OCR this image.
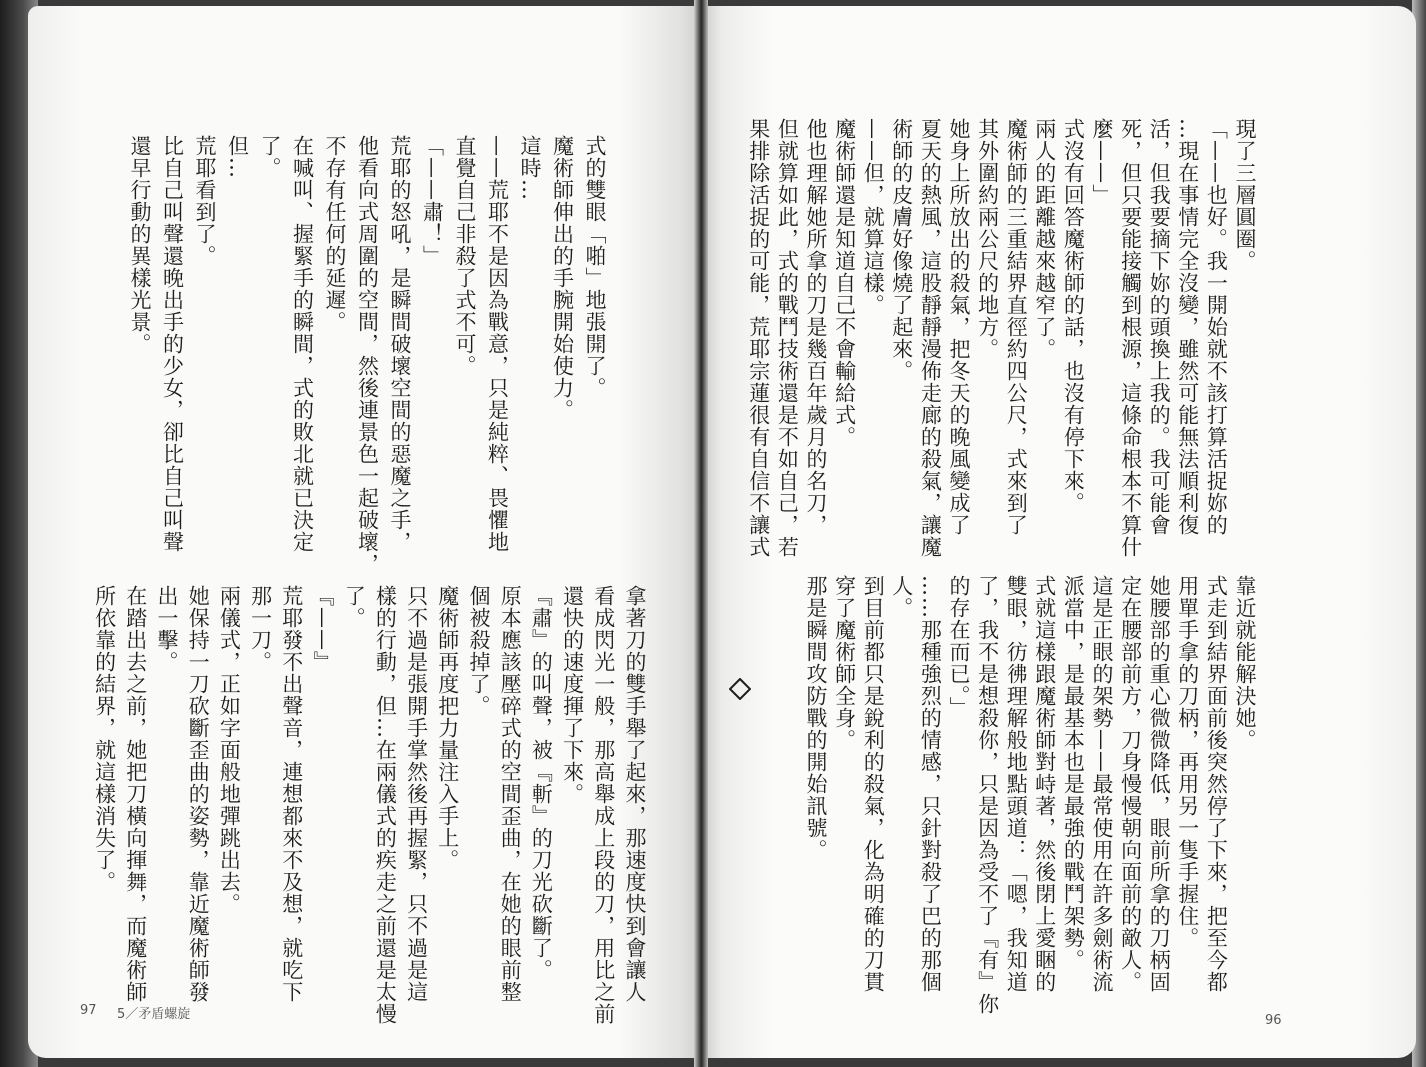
現了三層圓圈。
「——也好。我一開始就不該打算活捉妳的
…現在事情完全沒變，雖然可能無法順利復
活，但我要摘下妳的頭換上我的。我可能會
死，但只要能接觸到根源，這條命根本不算什
麼——」
式沒有回答魔術師的話，也沒有停下來。
兩人的距離越來越窄了。
魔術師的三重結界直徑約四公尺，式來到了
其外圍約兩公尺的地方。
她身上所放出的殺氣，把冬天的晚風變成了
夏天的熱風，這股靜靜漫佈走廊的殺氣，讓魔
術師的皮膚好像燒了起來。
——但，就算這樣。
魔術師還是知道自己不會輸給式。
他也理解她所拿的刀是幾百年歲月的名刀，
但就算如此，式的戰鬥技術還是不如自己，若
果排除活捉的可能，荒耶宗蓮很有自信不讓式
靠近就能解決她。
式走到結界面前後突然停了下來，把至今都
用單手拿的刀柄，再用另一隻手握住。
她腰部的重心微微降低，眼前所拿的刀柄固
定在腰部前方，刀身慢慢朝向面前的敵人。
這是正眼的架勢——最常使用在許多劍術流
派當中，是最基本也是最強的戰鬥架勢。
式就這樣跟魔術師對峙著，然後閉上愛睏的
雙眼，彷彿理解般地點頭道：「嗯，我知道
了，我不是想殺你，只是因為受不了『有』你
的存在而已。」
……那種強烈的情感，只針對殺了巴的那個
人。
到目前都只是銳利的殺氣，化為明確的刀貫
穿了魔術師全身。
那是瞬間攻防戰的開始訊號。
式的雙眼「啪」地張開了。
魔術師伸出的手腕開始使力。
這時…
——荒耶不是因為戰意，只是純粹、畏懼地
直覺自己非殺了式不可。
「——肅！」
荒耶的怒吼，是瞬間破壞空間的惡魔之手，
他看向式周圍的空間，然後連景色一起破壞，
不存有任何的延遲。
在喊叫、握緊手的瞬間，式的敗北就已決定
了。
但…
荒耶看到了。
比自己叫聲還晚出手的少女，卻比自己叫聲
還早行動的異樣光景。
拿著刀的雙手舉了起來，那速度快到會讓人
看成閃光一般，那高舉成上段的刀，用比之前
還快的速度揮了下來。
『肅』的叫聲，被『斬』的刀光砍斷了。
原本應該壓碎式的空間歪曲，在她的眼前整
個被殺掉了。
魔術師再度把力量注入手上。
只不過是張開手掌然後再握緊，只不過是這
樣的行動，但…在兩儀式的疾走之前還是太慢
了。
『——』
荒耶發不出聲音，連想都來不及想，就吃下
那一刀。
兩儀式，正如字面般地彈跳出去。
她保持一刀砍斷歪曲的姿勢，靠近魔術師發
出一擊。
在踏出去之前，她把刀橫向揮舞，而魔術師
所依靠的結界，就這樣消失了。
97 5／矛盾螺旋	96
